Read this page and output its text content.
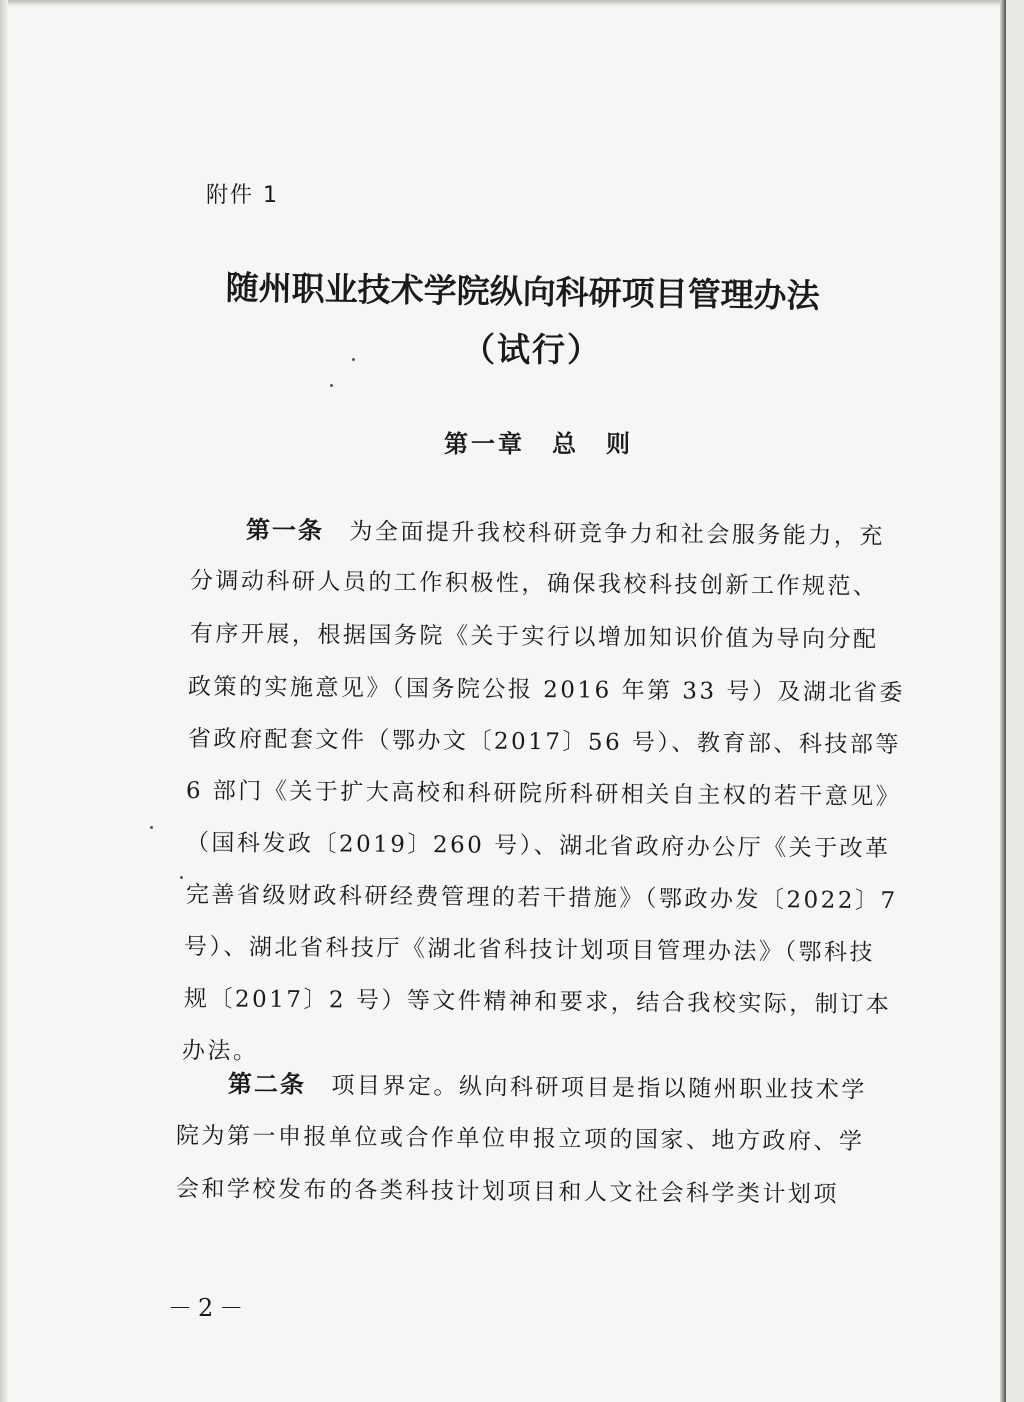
附件 1
随州职业技术学院纵向科研项目管理办法
（试行）
第一章　总　则
第一条　 为全面提升我校科研竞争力和社会服务能力，充
分调动科研人员的工作积极性，确保我校科技创新工作规范、
有序开展，根据国务院《关于实行以增加知识价值为导向分配
政策的实施意见》（国务院公报 2016 年第 33 号）及湖北省委
省政府配套文件（鄂办文〔2017〕56 号）、教育部、科技部等
6 部门《关于扩大高校和科研院所科研相关自主权的若干意见》
（国科发政〔2019〕260 号）、湖北省政府办公厅《关于改革
完善省级财政科研经费管理的若干措施》（鄂政办发〔2022〕7
号）、湖北省科技厅《湖北省科技计划项目管理办法》（鄂科技
规〔2017〕2 号）等文件精神和要求，结合我校实际，制订本
办法。
第二条　 项目界定。纵向科研项目是指以随州职业技术学
院为第一申报单位或合作单位申报立项的国家、地方政府、学
会和学校发布的各类科技计划项目和人文社会科学类计划项
－2－
